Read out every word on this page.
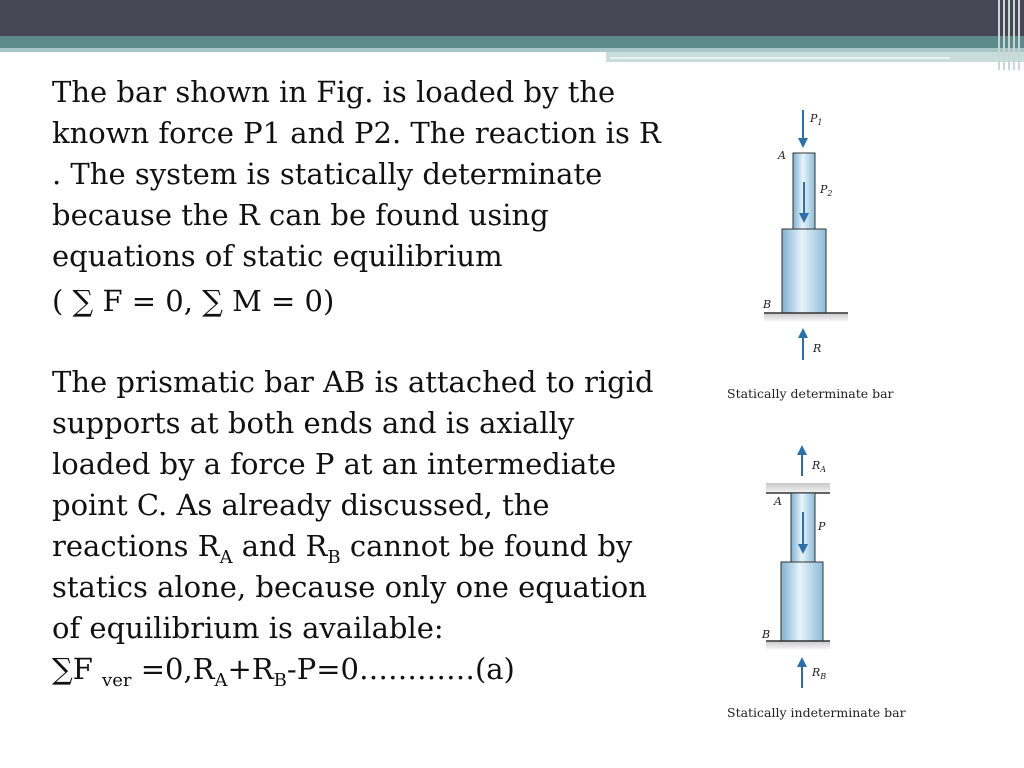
The bar shown in Fig. is loaded by the
known force P1 and P2. The reaction is R
. The system is statically determinate
because the R can be found using
equations of static equilibrium
( ∑ F = 0, ∑ M = 0)
The prismatic bar AB is attached to rigid
supports at both ends and is axially
loaded by a force P at an intermediate
point C. As already discussed, the
reactions $R_A$ and $R_B$ cannot be found by
statics alone, because only one equation
of equilibrium is available:
∑F $_{ver} =0,R_A+R_B-P=0\dots\dots\dots\dots(a)$
$P_1$
A
$P_2$
B
R
Statically determinate bar
$R_A$
A
P
B
$R_B$
Statically indeterminate bar
